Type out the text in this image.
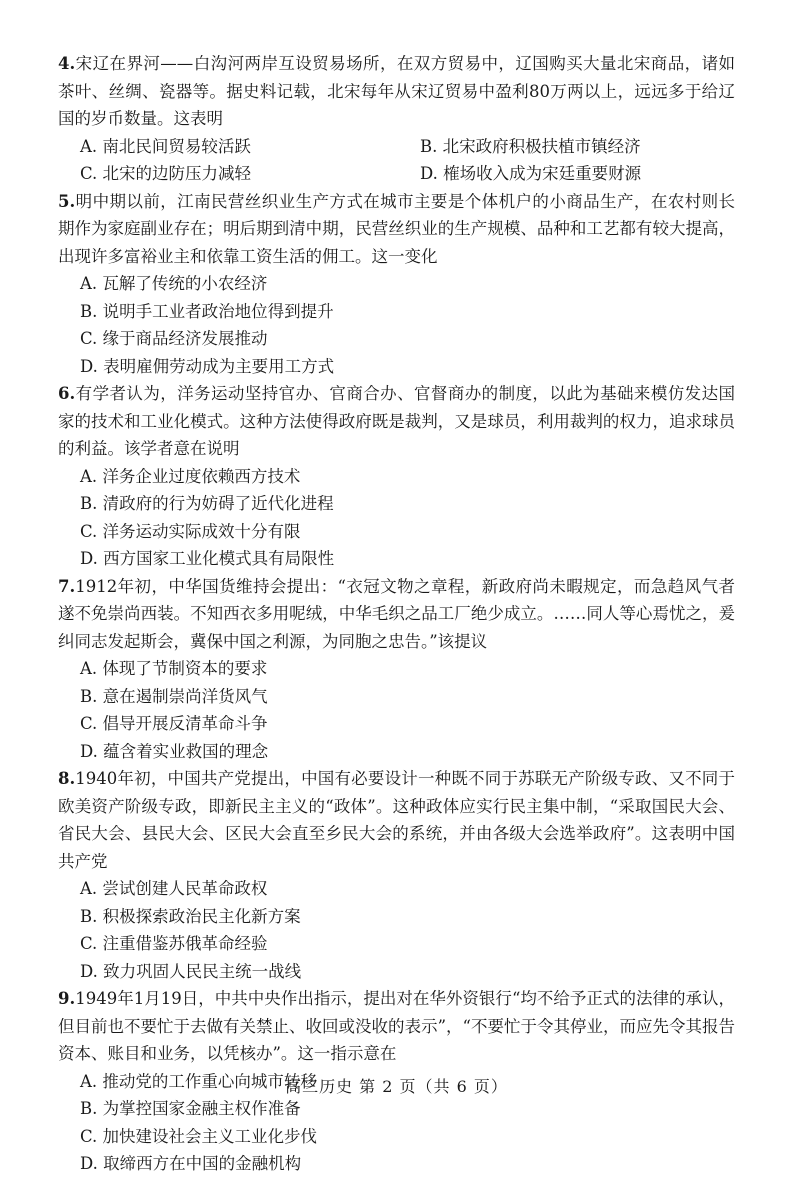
4.宋辽在界河——白沟河两岸互设贸易场所，在双方贸易中，辽国购买大量北宋商品，诸如茶叶、丝绸、瓷器等。据史料记载，北宋每年从宋辽贸易中盈利80万两以上，远远多于给辽国的岁币数量。这表明

A. 南北民间贸易较活跃	B. 北宋政府积极扶植市镇经济
C. 北宋的边防压力减轻	D. 榷场收入成为宋廷重要财源

5.明中期以前，江南民营丝织业生产方式在城市主要是个体机户的小商品生产，在农村则长期作为家庭副业存在；明后期到清中期，民营丝织业的生产规模、品种和工艺都有较大提高，出现许多富裕业主和依靠工资生活的佣工。这一变化

A. 瓦解了传统的小农经济
B. 说明手工业者政治地位得到提升
C. 缘于商品经济发展推动
D. 表明雇佣劳动成为主要用工方式

6.有学者认为，洋务运动坚持官办、官商合办、官督商办的制度，以此为基础来模仿发达国家的技术和工业化模式。这种方法使得政府既是裁判，又是球员，利用裁判的权力，追求球员的利益。该学者意在说明

A. 洋务企业过度依赖西方技术
B. 清政府的行为妨碍了近代化进程
C. 洋务运动实际成效十分有限
D. 西方国家工业化模式具有局限性

7.1912年初，中华国货维持会提出：“衣冠文物之章程，新政府尚未暇规定，而急趋风气者遂不免崇尚西装。不知西衣多用呢绒，中华毛织之品工厂绝少成立。……同人等心焉忧之，爰纠同志发起斯会，冀保中国之利源，为同胞之忠告。”该提议

A. 体现了节制资本的要求
B. 意在遏制崇尚洋货风气
C. 倡导开展反清革命斗争
D. 蕴含着实业救国的理念

8.1940年初，中国共产党提出，中国有必要设计一种既不同于苏联无产阶级专政、又不同于欧美资产阶级专政，即新民主主义的“政体”。这种政体应实行民主集中制，“采取国民大会、省民大会、县民大会、区民大会直至乡民大会的系统，并由各级大会选举政府”。这表明中国共产党

A. 尝试创建人民革命政权
B. 积极探索政治民主化新方案
C. 注重借鉴苏俄革命经验
D. 致力巩固人民民主统一战线

9.1949年1月19日，中共中央作出指示，提出对在华外资银行“均不给予正式的法律的承认，但目前也不要忙于去做有关禁止、收回或没收的表示”，“不要忙于令其停业，而应先令其报告资本、账目和业务，以凭核办”。这一指示意在

A. 推动党的工作重心向城市转移
B. 为掌控国家金融主权作准备
C. 加快建设社会主义工业化步伐
D. 取缔西方在中国的金融机构
高三历史 第 2 页（共 6 页）
